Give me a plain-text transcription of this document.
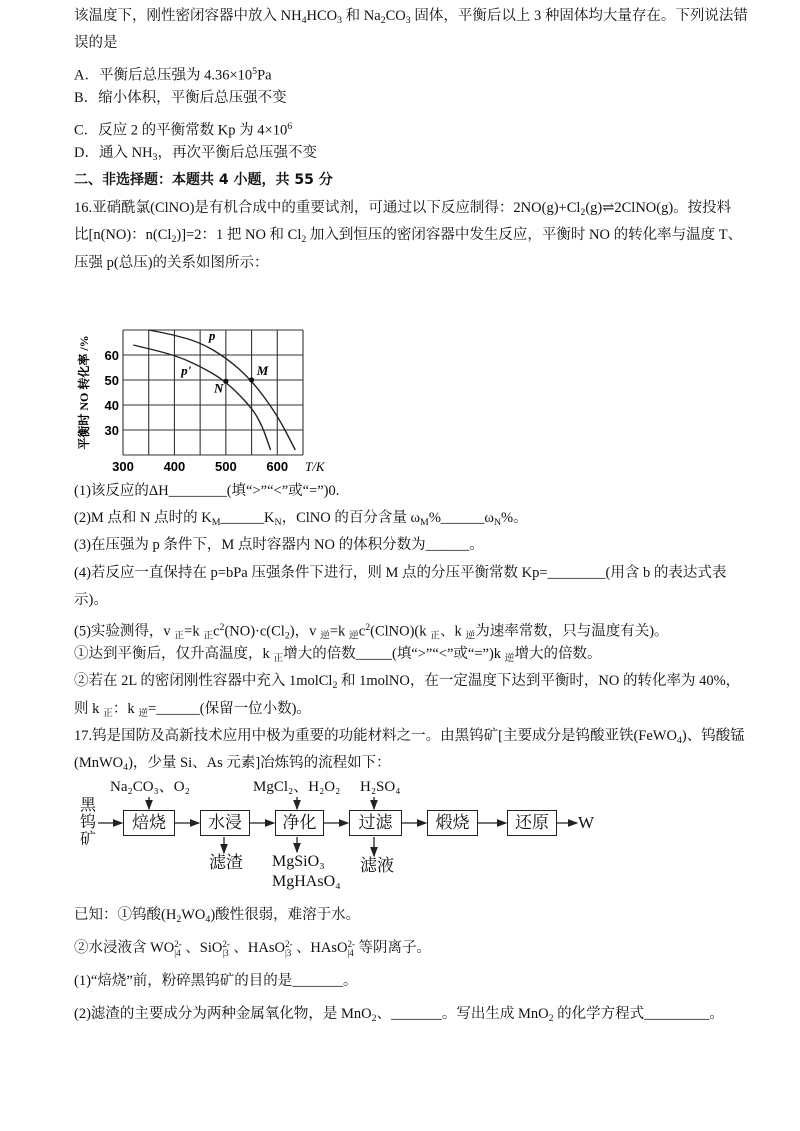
该温度下，刚性密闭容器中放入 $NH_4HCO_3$ 和 $Na_2CO_3$ 固体，平衡后以上 3 种固体均大量存在。下列说法错
误的是
A．平衡后总压强为 $4.36\times 10^5Pa$
B．缩小体积，平衡后总压强不变
C．反应 2 的平衡常数 Kp 为 $4\times 10^6$
D．通入 $NH_3$，再次平衡后总压强不变
二、非选择题：本题共 4 小题，共 55 分
16.亚硝酰氯(ClNO)是有机合成中的重要试剂，可通过以下反应制得：$2NO(g)+Cl_2(g)\rightleftharpoons 2ClNO(g)$。按投料
比[n(NO)：$n(Cl_2)]=2$：1 把 NO 和 $Cl_2$ 加入到恒压的密闭容器中发生反应，平衡时 NO 的转化率与温度 T、
压强 p(总压)的关系如图所示：
300 400 500 600
30
40
50
60
T/K
平衡时 NO 转化率 /%	p
p'	M
N
(1)该反应的ΔH________(填“>”“<”或“=”)0.
(2)M 点和 N 点时的 $K_M\_\_\_\_\_\_K_N$，ClNO 的百分含量 $\omega_M\%\_\_\_\_\_\_\omega_N\%$。
(3)在压强为 p 条件下，M 点时容器内 NO 的体积分数为______。
(4)若反应一直保持在 p=bPa 压强条件下进行，则 M 点的分压平衡常数 Kp=________(用含 b 的表达式表
示)。
(5)实验测得，v $_正$=k $_正c^2(NO)\cdot c(Cl_2)$，v $_逆$=k $_逆c^2(ClNO)(k$ $_正$、k $_逆$为速率常数，只与温度有关)。
①达到平衡后，仅升高温度，k $_正$增大的倍数_____(填“>”“<”或“=”)k $_逆$增大的倍数。
②若在 2L 的密闭刚性容器中充入 1molCl$_2$ 和 1molNO，在一定温度下达到平衡时，NO 的转化率为 40%，
则 k $_正$：k $_逆$=______(保留一位小数)。
17.钨是国防及高新技术应用中极为重要的功能材料之一。由黑钨矿[主要成分是钨酸亚铁(FeWO$_4$)、钨酸锰
(MnWO$_4$)，少量 Si、As 元素]冶炼钨的流程如下：
黑钨矿
Na₂CO₃、O₂	MgCl₂、H₂O₂ H₂SO₄
焙烧	水浸	净化	过滤	煅烧	还原	W
滤渣 MgSiO₃
MgHAsO₄
滤液
已知：①钨酸$(H_2WO_4)$酸性很弱，难溶于水。
②水浸液含 WO2-|4 、SiO2-|3 、HAsO2-|3 、HAsO2-|4 等阴离子。
(1)“焙烧”前，粉碎黑钨矿的目的是_______。
(2)滤渣的主要成分为两种金属氧化物，是 MnO$_2$、_______。写出生成 MnO$_2$ 的化学方程式_________。
